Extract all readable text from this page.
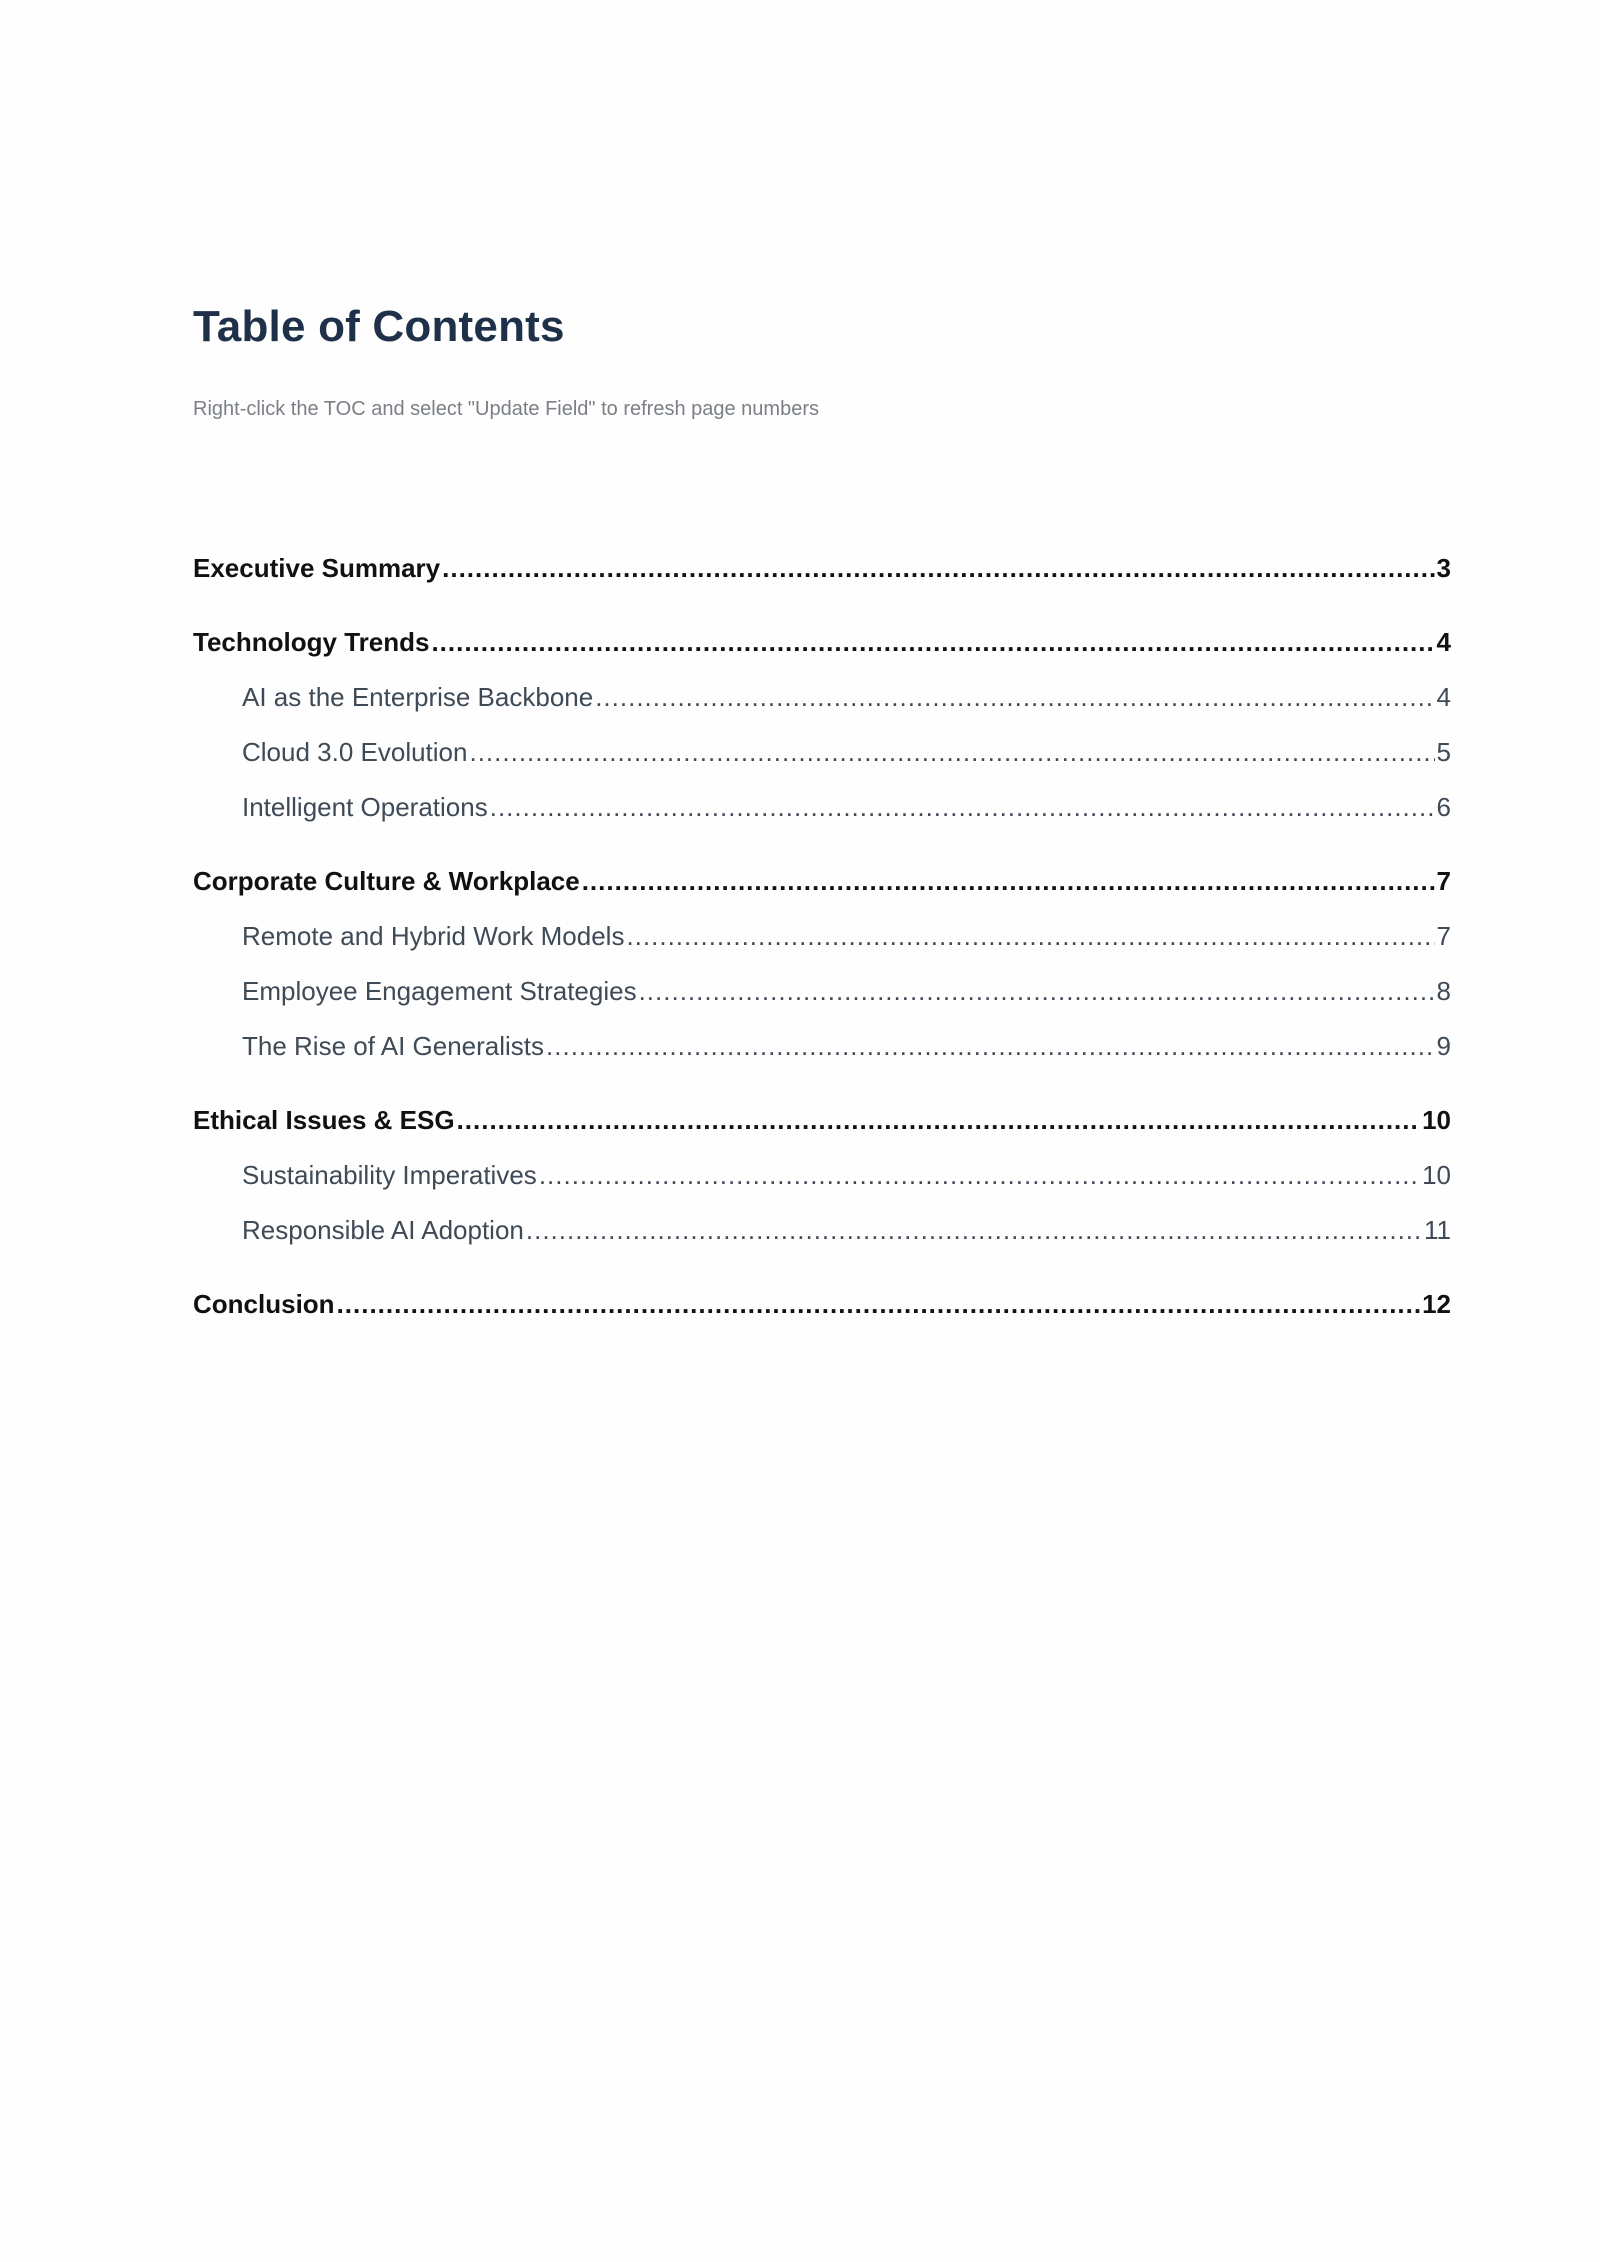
Table of Contents

Right-click the TOC and select "Update Field" to refresh page numbers

Executive Summary .....	3
Technology Trends .....	4
AI as the Enterprise Backbone .....	4
Cloud 3.0 Evolution .....	5
Intelligent Operations .....	6
Corporate Culture & Workplace .....	7
Remote and Hybrid Work Models .....	7
Employee Engagement Strategies .....	8
The Rise of AI Generalists .....	9
Ethical Issues & ESG .....	10
Sustainability Imperatives .....	10
Responsible AI Adoption .....	11
Conclusion .....	12
